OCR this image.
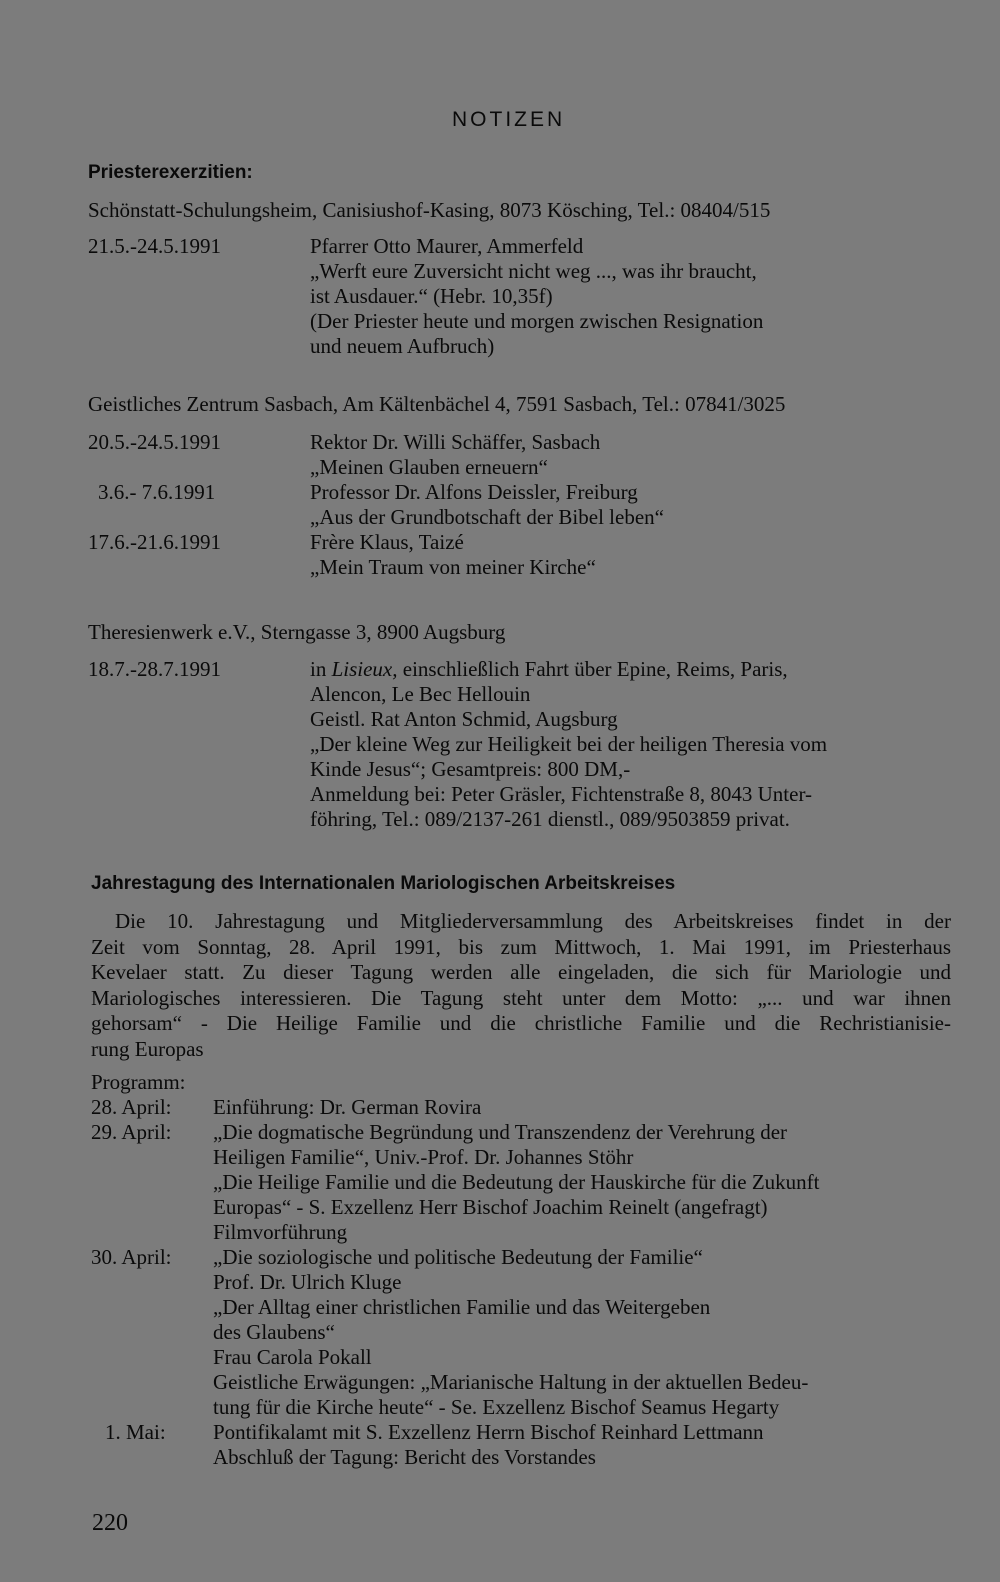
NOTIZEN
Priesterexerzitien:
Schönstatt-Schulungsheim, Canisiushof-Kasing, 8073 Kösching, Tel.: 08404/515
21.5.-24.5.1991	Pfarrer Otto Maurer, Ammerfeld
„Werft eure Zuversicht nicht weg ..., was ihr braucht,
ist Ausdauer.“ (Hebr. 10,35f)
(Der Priester heute und morgen zwischen Resignation
und neuem Aufbruch)
Geistliches Zentrum Sasbach, Am Kältenbächel 4, 7591 Sasbach, Tel.: 07841/3025
20.5.-24.5.1991	Rektor Dr. Willi Schäffer, Sasbach
„Meinen Glauben erneuern“
3.6.- 7.6.1991	Professor Dr. Alfons Deissler, Freiburg
„Aus der Grundbotschaft der Bibel leben“
17.6.-21.6.1991	Frère Klaus, Taizé
„Mein Traum von meiner Kirche“
Theresienwerk e.V., Sterngasse 3, 8900 Augsburg
18.7.-28.7.1991	in Lisieux, einschließlich Fahrt über Epine, Reims, Paris,
Alencon, Le Bec Hellouin
Geistl. Rat Anton Schmid, Augsburg
„Der kleine Weg zur Heiligkeit bei der heiligen Theresia vom
Kinde Jesus“; Gesamtpreis: 800 DM,-
Anmeldung bei: Peter Gräsler, Fichtenstraße 8, 8043 Unter-
föhring, Tel.: 089/2137-261 dienstl., 089/9503859 privat.
Jahrestagung des Internationalen Mariologischen Arbeitskreises
Die 10. Jahrestagung und Mitgliederversammlung des Arbeitskreises findet in der
Zeit vom Sonntag, 28. April 1991, bis zum Mittwoch, 1. Mai 1991, im Priesterhaus
Kevelaer statt. Zu dieser Tagung werden alle eingeladen, die sich für Mariologie und
Mariologisches interessieren. Die Tagung steht unter dem Motto: „... und war ihnen
gehorsam“ - Die Heilige Familie und die christliche Familie und die Rechristianisie-
rung Europas
Programm:
28. April: Einführung: Dr. German Rovira
29. April: „Die dogmatische Begründung und Transzendenz der Verehrung der
Heiligen Familie“, Univ.-Prof. Dr. Johannes Stöhr
„Die Heilige Familie und die Bedeutung der Hauskirche für die Zukunft
Europas“ - S. Exzellenz Herr Bischof Joachim Reinelt (angefragt)
Filmvorführung
30. April: „Die soziologische und politische Bedeutung der Familie“
Prof. Dr. Ulrich Kluge
„Der Alltag einer christlichen Familie und das Weitergeben
des Glaubens“
Frau Carola Pokall
Geistliche Erwägungen: „Marianische Haltung in der aktuellen Bedeu-
tung für die Kirche heute“ - Se. Exzellenz Bischof Seamus Hegarty
1. Mai: Pontifikalamt mit S. Exzellenz Herrn Bischof Reinhard Lettmann
Abschluß der Tagung: Bericht des Vorstandes
220
